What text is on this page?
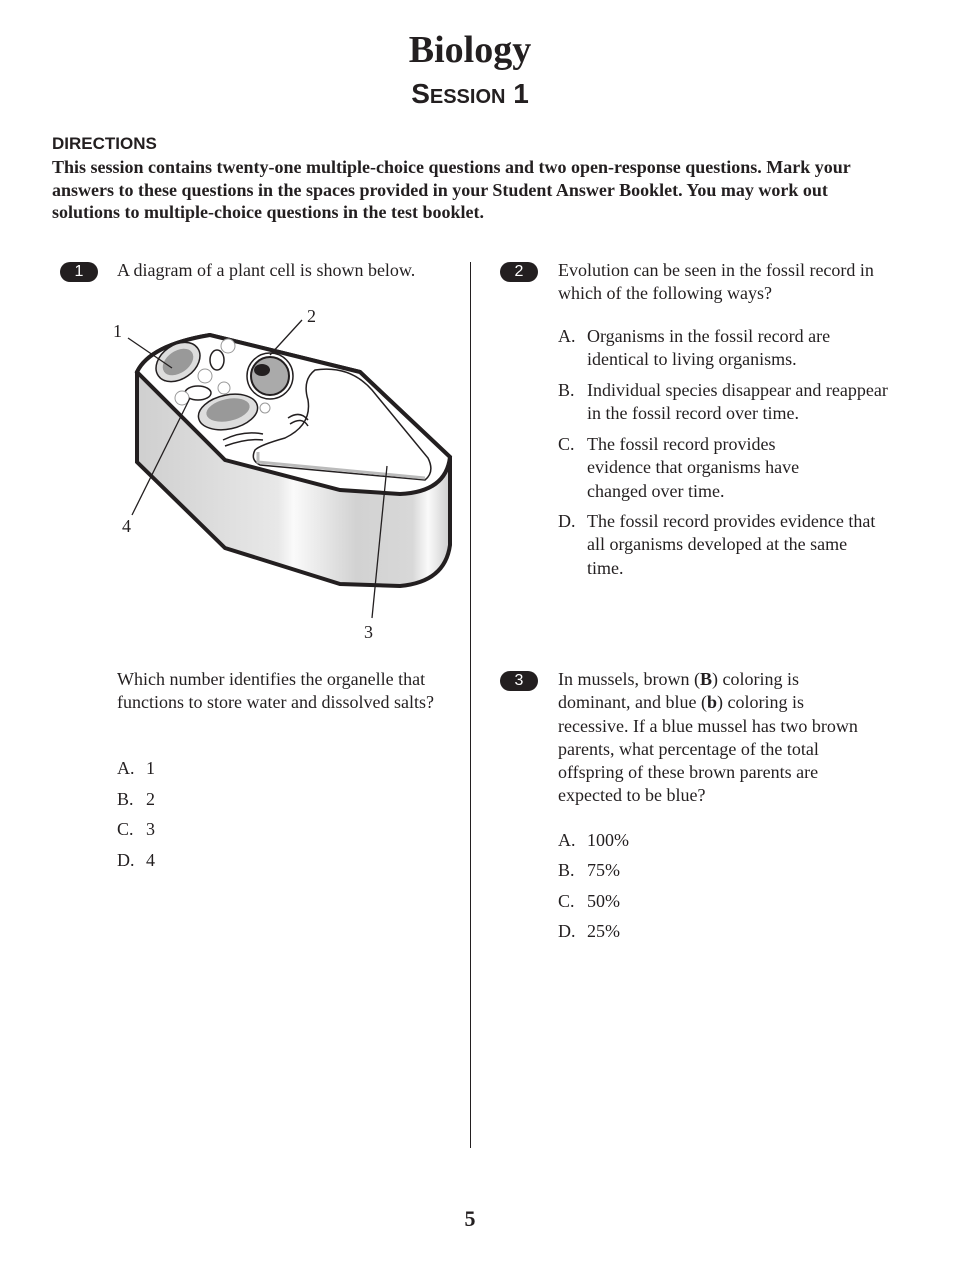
Biology
Session 1
DIRECTIONS
This session contains twenty-one multiple-choice questions and two open-response questions. Mark your answers to these questions in the spaces provided in your Student Answer Booklet. You may work out solutions to multiple-choice questions in the test booklet.
1	A diagram of a plant cell is shown below.
1
2
3
4
Which number identifies the organelle that functions to store water and dissolved salts?
A. 1
B. 2
C. 3
D. 4
2	Evolution can be seen in the fossil record in which of the following ways?
A. Organisms in the fossil record are identical to living organisms.
B. Individual species disappear and reappear in the fossil record over time.
C. The fossil record provides evidence that organisms have changed over time.
D. The fossil record provides evidence that all organisms developed at the same time.
3	In mussels, brown (B) coloring is dominant, and blue (b) coloring is recessive. If a blue mussel has two brown parents, what percentage of the total offspring of these brown parents are expected to be blue?
A. 100%
B. 75%
C. 50%
D. 25%
5
